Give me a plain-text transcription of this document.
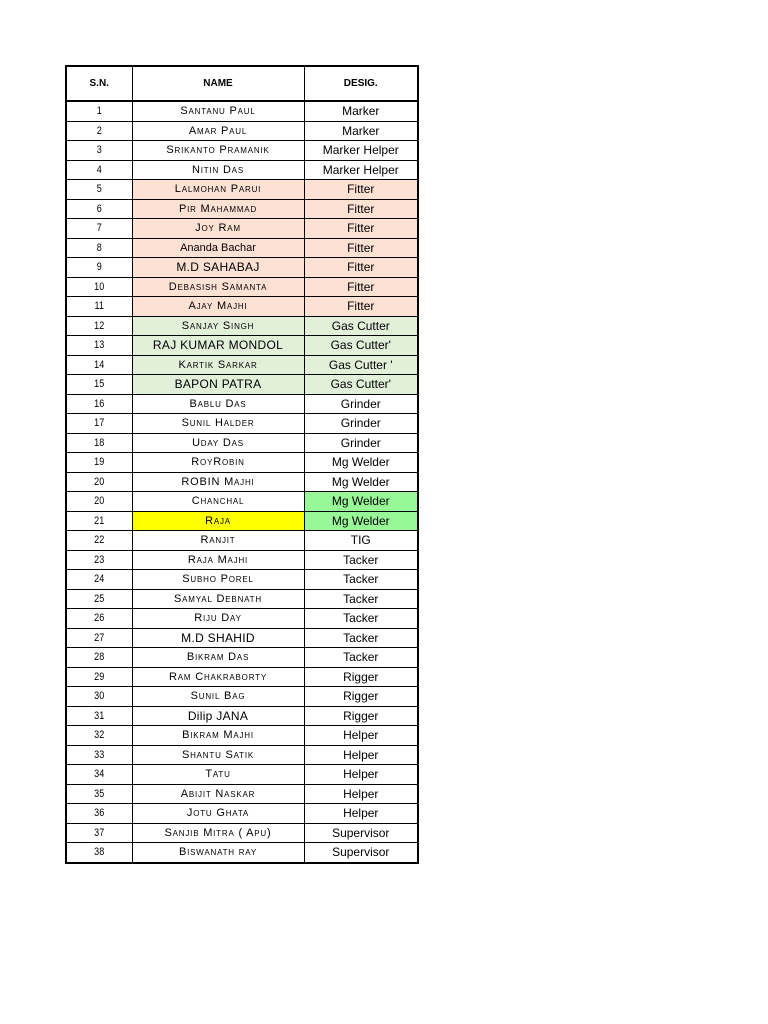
S.N.	NAME	DESIG.
1	Santanu Paul	Marker
2	Amar Paul	Marker
3	Srikanto Pramanik	Marker Helper
4	Nitin Das	Marker Helper
5	Lalmohan Parui	Fitter
6	Pir Mahammad	Fitter
7	Joy Ram	Fitter
8	Ananda Bachar	Fitter
9	M.D SAHABAJ	Fitter
10	Debasish Samanta	Fitter
11	Ajay Majhi	Fitter
12	Sanjay Singh	Gas Cutter
13	RAJ KUMAR MONDOL	Gas Cutter'
14	Kartik Sarkar	Gas Cutter '
15	BAPON PATRA	Gas Cutter'
16	Bablu Das	Grinder
17	Sunil Halder	Grinder
18	Uday Das	Grinder
19	RoyRobin	Mg Welder
20	ROBIN Majhi	Mg Welder
20	Chanchal	Mg Welder
21	Raja	Mg Welder
22	Ranjit	TIG
23	Raja Majhi	Tacker
24	Subho Porel	Tacker
25	Samyal Debnath	Tacker
26	Riju Day	Tacker
27	M.D SHAHID	Tacker
28	Bikram Das	Tacker
29	Ram Chakraborty	Rigger
30	Sunil Bag	Rigger
31	Dilip JANA	Rigger
32	Bikram Majhi	Helper
33	Shantu Satik	Helper
34	Tatu	Helper
35	Abijit Naskar	Helper
36	Jotu Ghata	Helper
37	Sanjib Mitra ( Apu)	Supervisor
38	Biswanath ray	Supervisor
